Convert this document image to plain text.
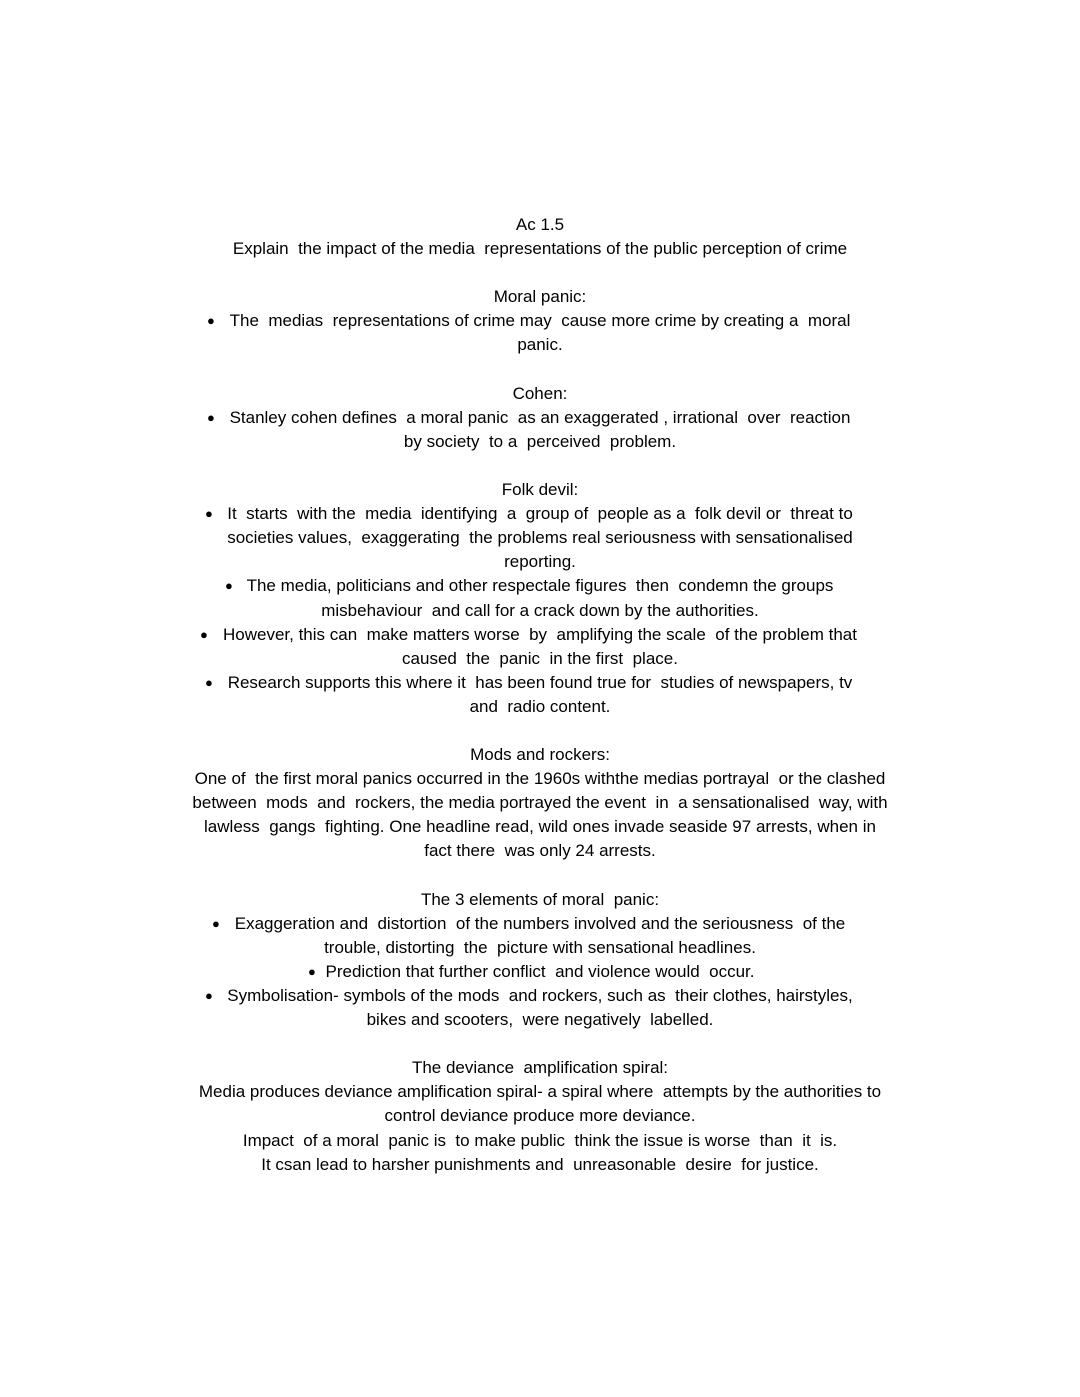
Ac 1.5
Explain  the impact of the media  representations of the public perception of crime
Moral panic:
● The  medias  representations of crime may  cause more crime by creating a  moral
panic.
Cohen:
● Stanley cohen defines  a moral panic  as an exaggerated , irrational  over  reaction
by society  to a  perceived  problem.
Folk devil:
● It  starts  with the  media  identifying  a  group of  people as a  folk devil or  threat to
societies values,  exaggerating  the problems real seriousness with sensationalised
reporting.
● The media, politicians and other respectale figures  then  condemn the groups
misbehaviour  and call for a crack down by the authorities.
● However, this can  make matters worse  by  amplifying the scale  of the problem that
caused  the  panic  in the first  place.
● Research supports this where it  has been found true for  studies of newspapers, tv
and  radio content.
Mods and rockers:
One of  the first moral panics occurred in the 1960s withthe medias portrayal  or the clashed
between  mods  and  rockers, the media portrayed the event  in  a sensationalised  way, with
lawless  gangs  fighting. One headline read, wild ones invade seaside 97 arrests, when in
fact there  was only 24 arrests.
The 3 elements of moral  panic:
● Exaggeration and  distortion  of the numbers involved and the seriousness  of the
trouble, distorting  the  picture with sensational headlines.
● Prediction that further conflict  and violence would  occur.
● Symbolisation- symbols of the mods  and rockers, such as  their clothes, hairstyles,
bikes and scooters,  were negatively  labelled.
The deviance  amplification spiral:
Media produces deviance amplification spiral- a spiral where  attempts by the authorities to
control deviance produce more deviance.
Impact  of a moral  panic is  to make public  think the issue is worse  than  it  is.
It csan lead to harsher punishments and  unreasonable  desire  for justice.
